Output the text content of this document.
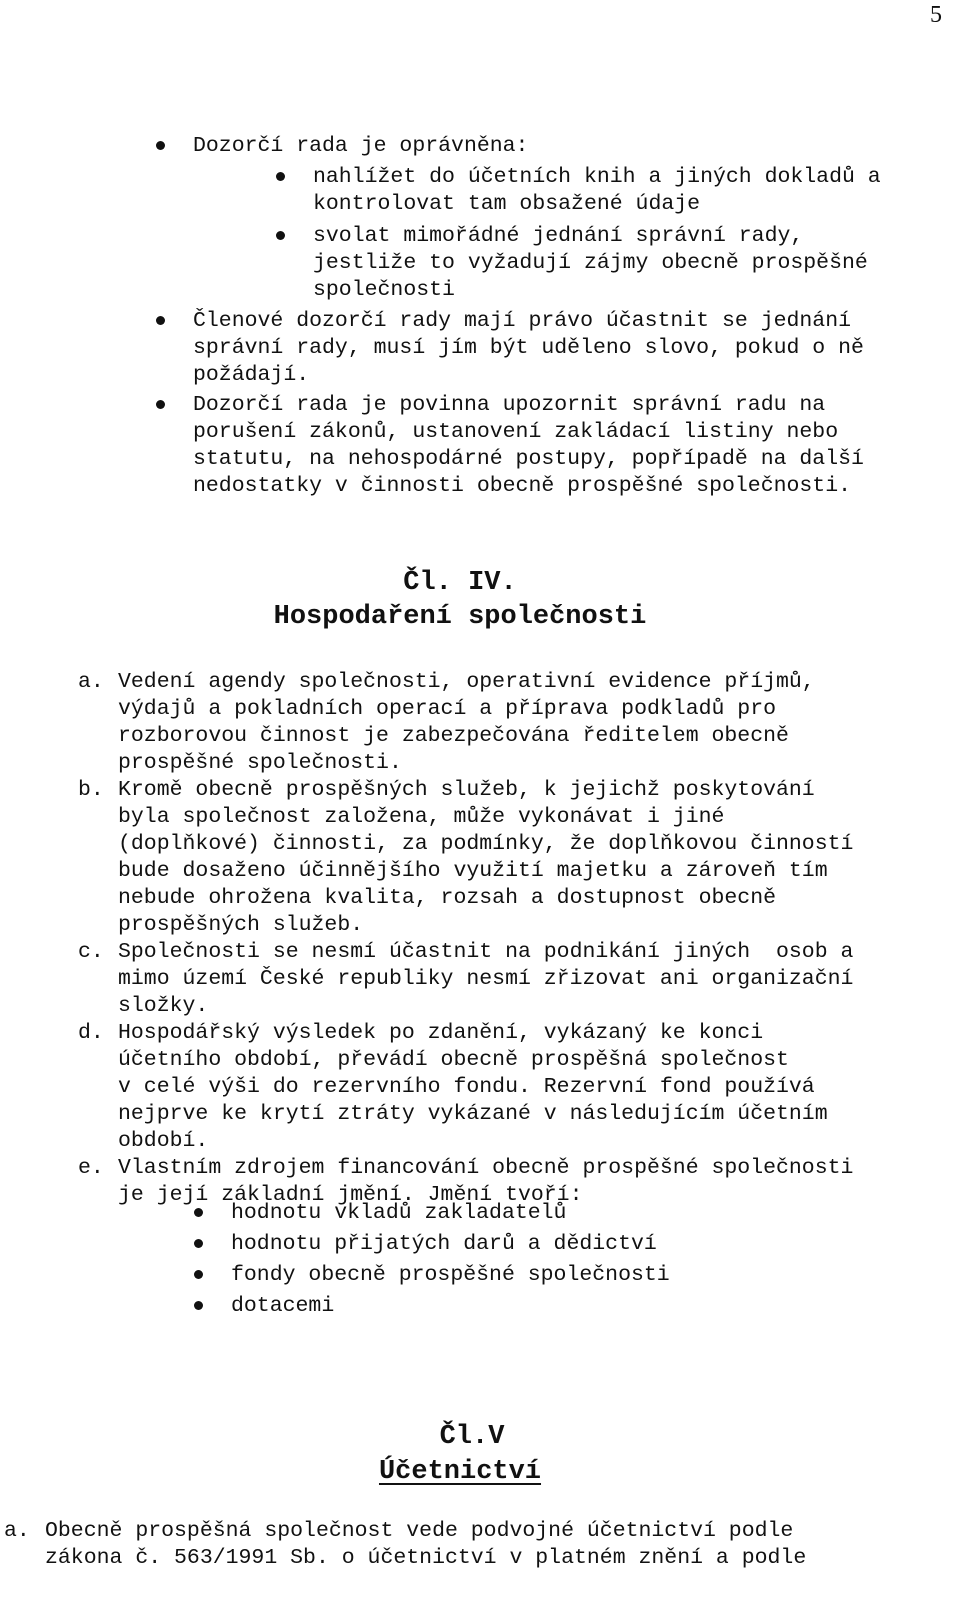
5
Dozorčí rada je oprávněna:
nahlížet do účetních knih a jiných dokladů a
kontrolovat tam obsažené údaje
svolat mimořádné jednání správní rady,
jestliže to vyžadují zájmy obecně prospěšné
společnosti
Členové dozorčí rady mají právo účastnit se jednání
správní rady, musí jím být uděleno slovo, pokud o ně
požádají.
Dozorčí rada je povinna upozornit správní radu na
porušení zákonů, ustanovení zakládací listiny nebo
statutu, na nehospodárné postupy, popřípadě na další
nedostatky v činnosti obecně prospěšné společnosti.
Čl. IV.
Hospodaření společnosti
a. Vedení agendy společnosti, operativní evidence příjmů,
výdajů a pokladních operací a příprava podkladů pro
rozborovou činnost je zabezpečována ředitelem obecně
prospěšné společnosti.
b. Kromě obecně prospěšných služeb, k jejichž poskytování
byla společnost založena, může vykonávat i jiné
(doplňkové) činnosti, za podmínky, že doplňkovou činností
bude dosaženo účinnějšího využití majetku a zároveň tím
nebude ohrožena kvalita, rozsah a dostupnost obecně
prospěšných služeb.
c. Společnosti se nesmí účastnit na podnikání jiných  osob a
mimo území České republiky nesmí zřizovat ani organizační
složky.
d. Hospodářský výsledek po zdanění, vykázaný ke konci
účetního období, převádí obecně prospěšná společnost
v celé výši do rezervního fondu. Rezervní fond používá
nejprve ke krytí ztráty vykázané v následujícím účetním
období.
e. Vlastním zdrojem financování obecně prospěšné společnosti
je její základní jmění. Jmění tvoří:
hodnotu vkladů zakladatelů
hodnotu přijatých darů a dědictví
fondy obecně prospěšné společnosti
dotacemi
Čl.V
Účetnictví
a. Obecně prospěšná společnost vede podvojné účetnictví podle
zákona č. 563/1991 Sb. o účetnictví v platném znění a podle
